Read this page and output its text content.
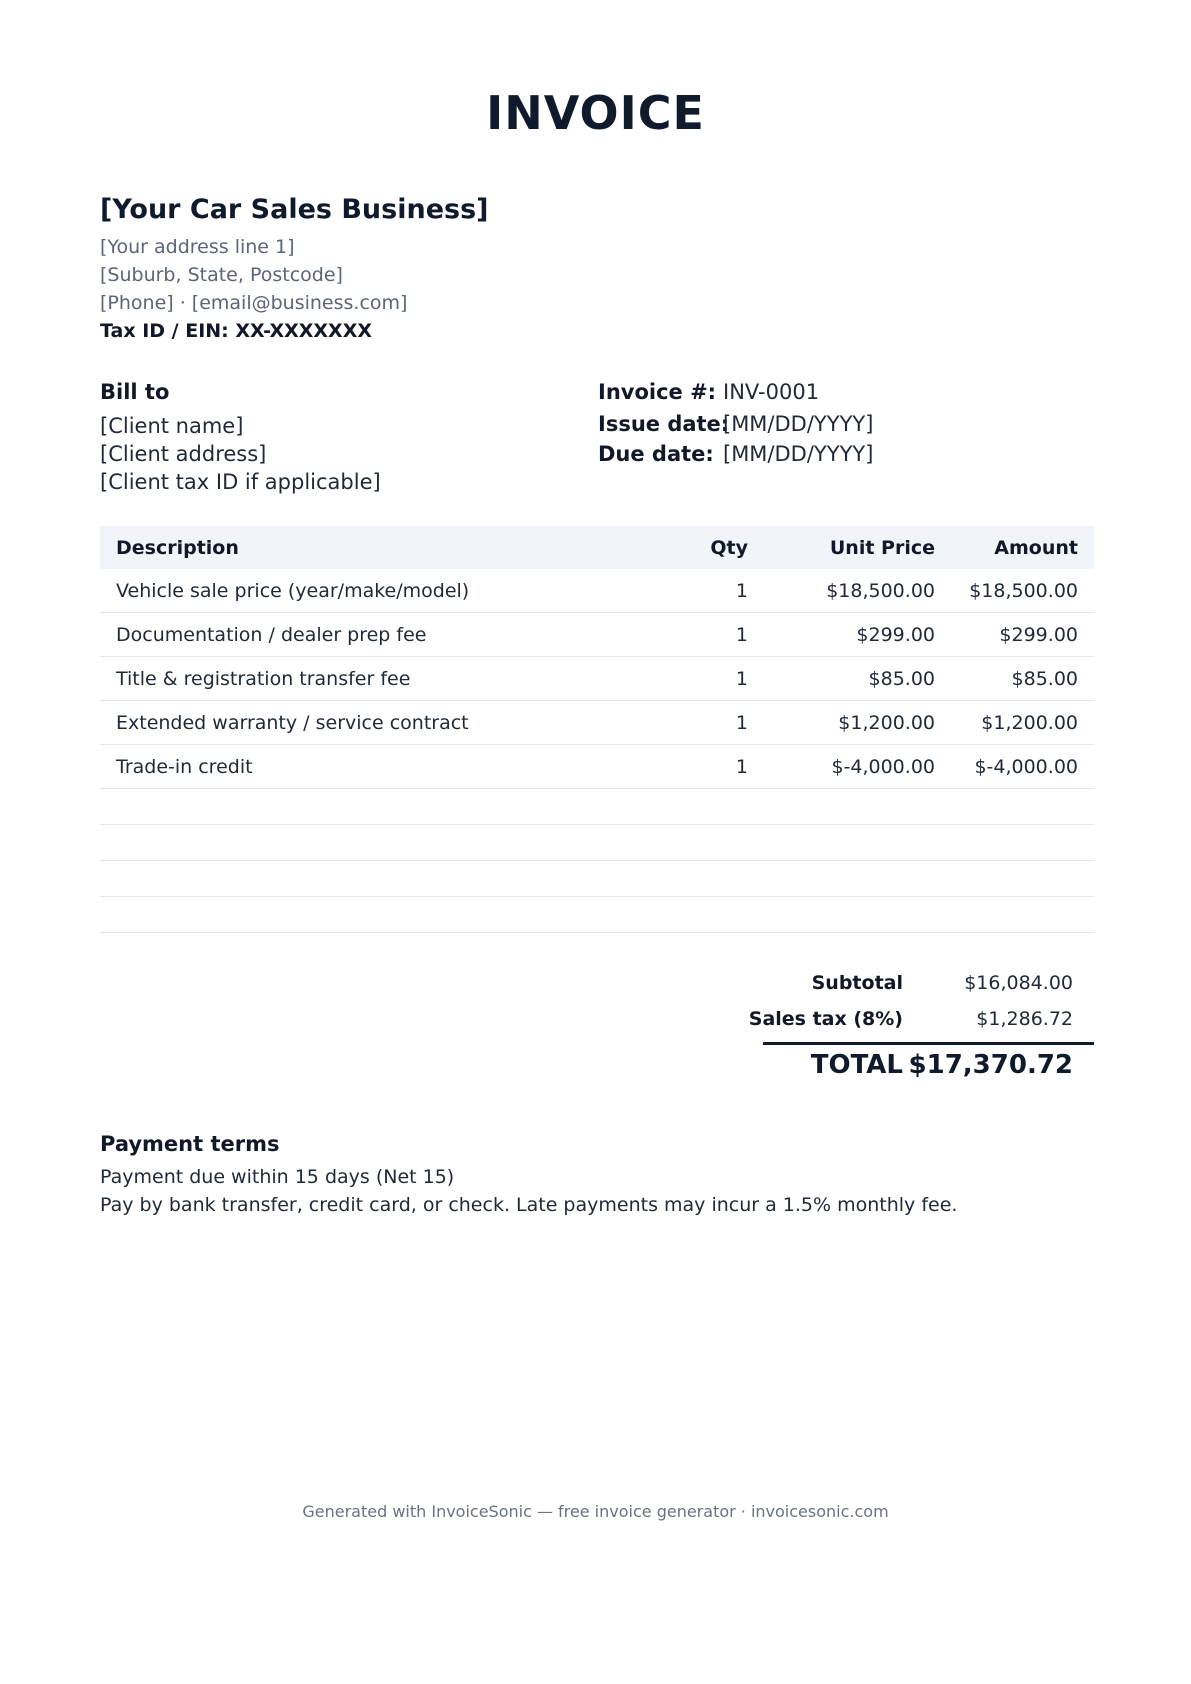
INVOICE
[Your Car Sales Business]
[Your address line 1]
[Suburb, State, Postcode]
[Phone] · [email@business.com]
Tax ID / EIN: XX-XXXXXXX
Bill to
[Client name]
[Client address]
[Client tax ID if applicable]
Invoice #: INV-0001
Issue date:
[MM/DD/YYYY]
Due date: [MM/DD/YYYY]
Description	Qty	Unit Price	Amount
Vehicle sale price (year/make/model)	1	$18,500.00	$18,500.00
Documentation / dealer prep fee	1	$299.00	$299.00
Title & registration transfer fee	1	$85.00	$85.00
Extended warranty / service contract	1	$1,200.00	$1,200.00
Trade-in credit	1	$-4,000.00	$-4,000.00

Subtotal	$16,084.00
Sales tax (8%)	$1,286.72
TOTAL $17,370.72
Payment terms
Payment due within 15 days (Net 15)
Pay by bank transfer, credit card, or check. Late payments may incur a 1.5% monthly fee.
Generated with InvoiceSonic — free invoice generator · invoicesonic.com
